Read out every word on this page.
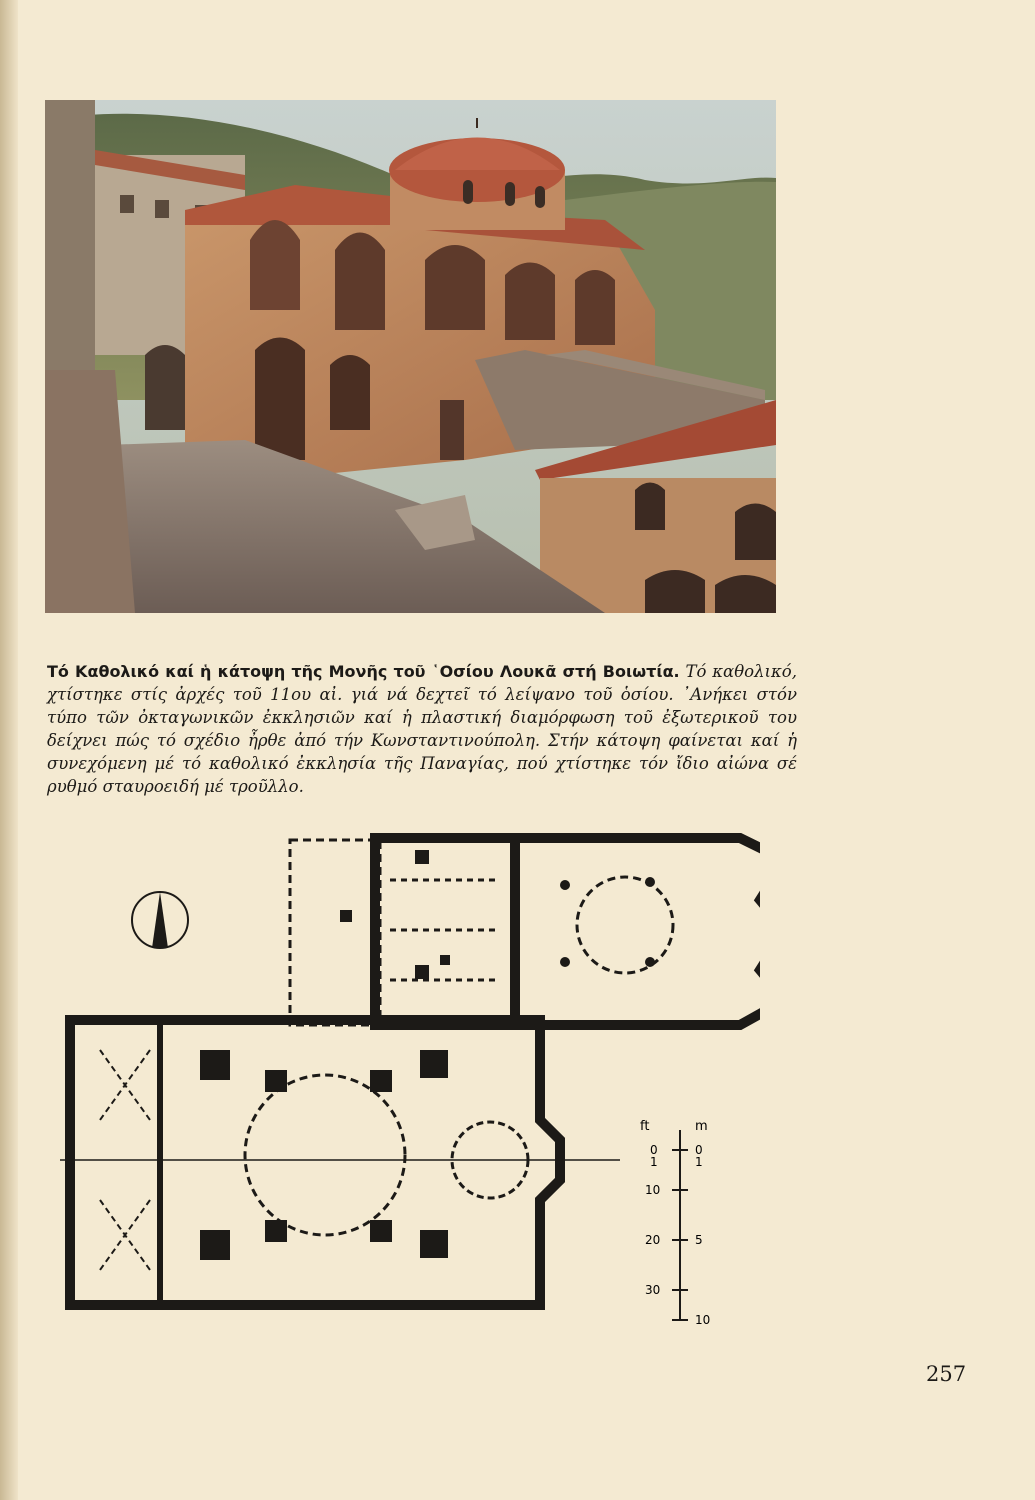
Τό Καθολικό καί ἡ κάτοψη τῆς Μονῆς τοῦ ῾Οσίου Λουκᾶ στή Βοιωτία. Τό καθολικό, χτίστηκε στίς ἀρχές τοῦ 11ου αἰ. γιά νά δεχτεῖ τό λείψανο τοῦ ὁσίου. ᾿Ανήκει στόν τύπο τῶν ὀκταγωνικῶν ἐκκλησιῶν καί ἡ πλαστική διαμόρφωση τοῦ ἐξωτερικοῦ του δείχνει πώς τό σχέδιο ἦρθε ἀπό τήν Κωνσταντινούπολη. Στήν κάτοψη φαίνεται καί ἡ συνεχόμενη μέ τό καθολικό ἐκκλησία τῆς Παναγίας, πού χτίστηκε τόν ἴδιο αἰώνα σέ ρυθμό σταυροειδή μέ τροῦλλο.
m
0
1
5
10
ft
0
1
10
20
30
257
